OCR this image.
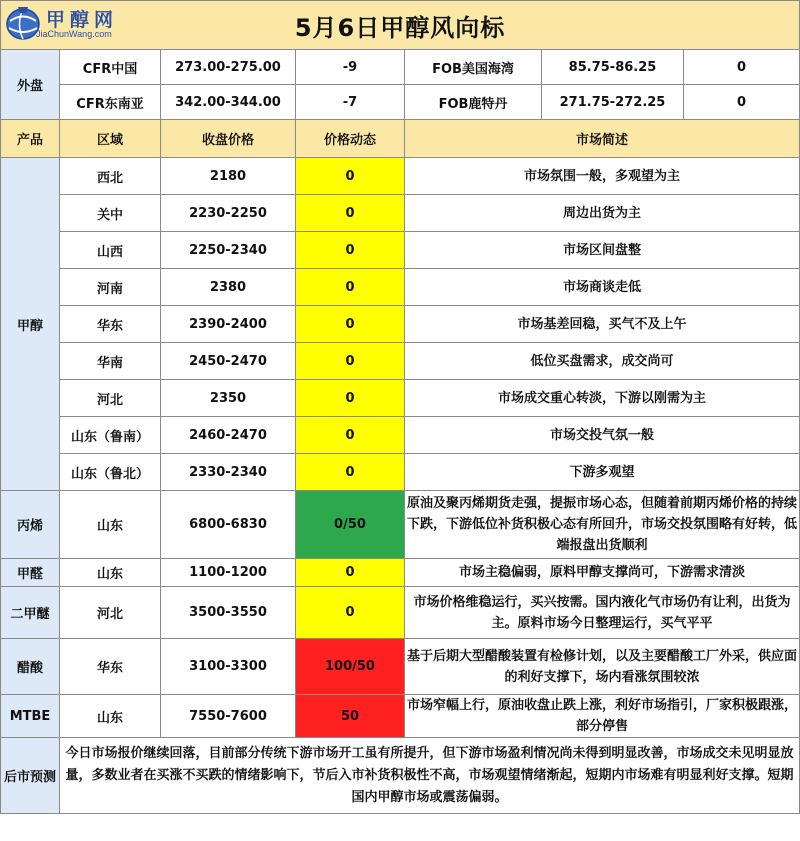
5月6日甲醇风向标						
外盘	CFR中国	273.00-275.00	-9	FOB美国海湾	85.75-86.25	0
	CFR东南亚	342.00-344.00	-7	FOB鹿特丹	271.75-272.25	0
产品	区域	收盘价格	价格动态	市场简述		
甲醇	西北	2180	0	市场氛围一般，多观望为主		
	关中	2230-2250	0	周边出货为主		
	山西	2250-2340	0	市场区间盘整		
	河南	2380	0	市场商谈走低		
	华东	2390-2400	0	市场基差回稳，买气不及上午		
	华南	2450-2470	0	低位买盘需求，成交尚可		
	河北	2350	0	市场成交重心转淡，下游以刚需为主		
	山东（鲁南）	2460-2470	0	市场交投气氛一般		
	山东（鲁北）	2330-2340	0	下游多观望		
丙烯	山东	6800-6830	0/50	原油及聚丙烯期货走强，提振市场心态，但随着前期丙烯价格的持续下跌，下游低位补货积极心态有所回升，市场交投氛围略有好转，低端报盘出货顺利		
甲醛	山东	1100-1200	0	市场主稳偏弱，原料甲醇支撑尚可，下游需求清淡		
二甲醚	河北	3500-3550	0	市场价格维稳运行，买兴按需。国内液化气市场仍有让利，出货为主。原料市场今日整理运行，买气平平		
醋酸	华东	3100-3300	100/50	基于后期大型醋酸装置有检修计划，以及主要醋酸工厂外采，供应面的利好支撑下，场内看涨氛围较浓		
MTBE	山东	7550-7600	50	市场窄幅上行，原油收盘止跌上涨，利好市场指引，厂家积极跟涨，部分停售		
后市预测	今日市场报价继续回落，目前部分传统下游市场开工虽有所提升，但下游市场盈利情况尚未得到明显改善，市场成交未见明显放量，多数业者在买涨不买跌的情绪影响下，节后入市补货积极性不高，市场观望情绪渐起，短期内市场难有明显利好支撑。短期国内甲醇市场或震荡偏弱。					
甲醇网
JiaChunWang.com
